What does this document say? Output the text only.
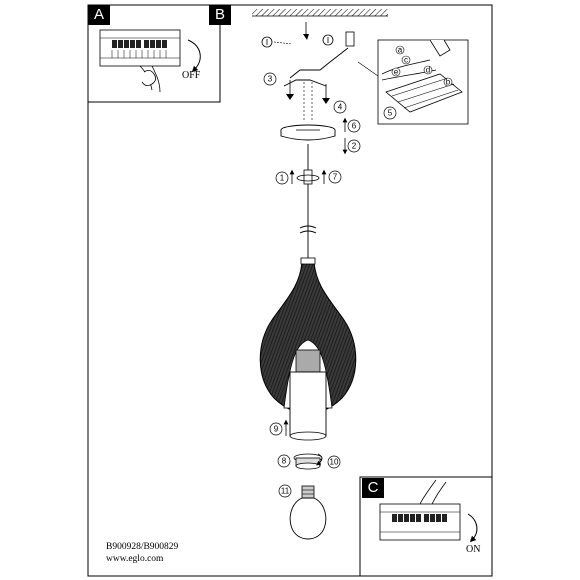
OFF
ON
a
b
c
d
e
1
2
3
4
5
6
7
8
9
10
11
A	B
C
B900928/B900829
www.eglo.com
